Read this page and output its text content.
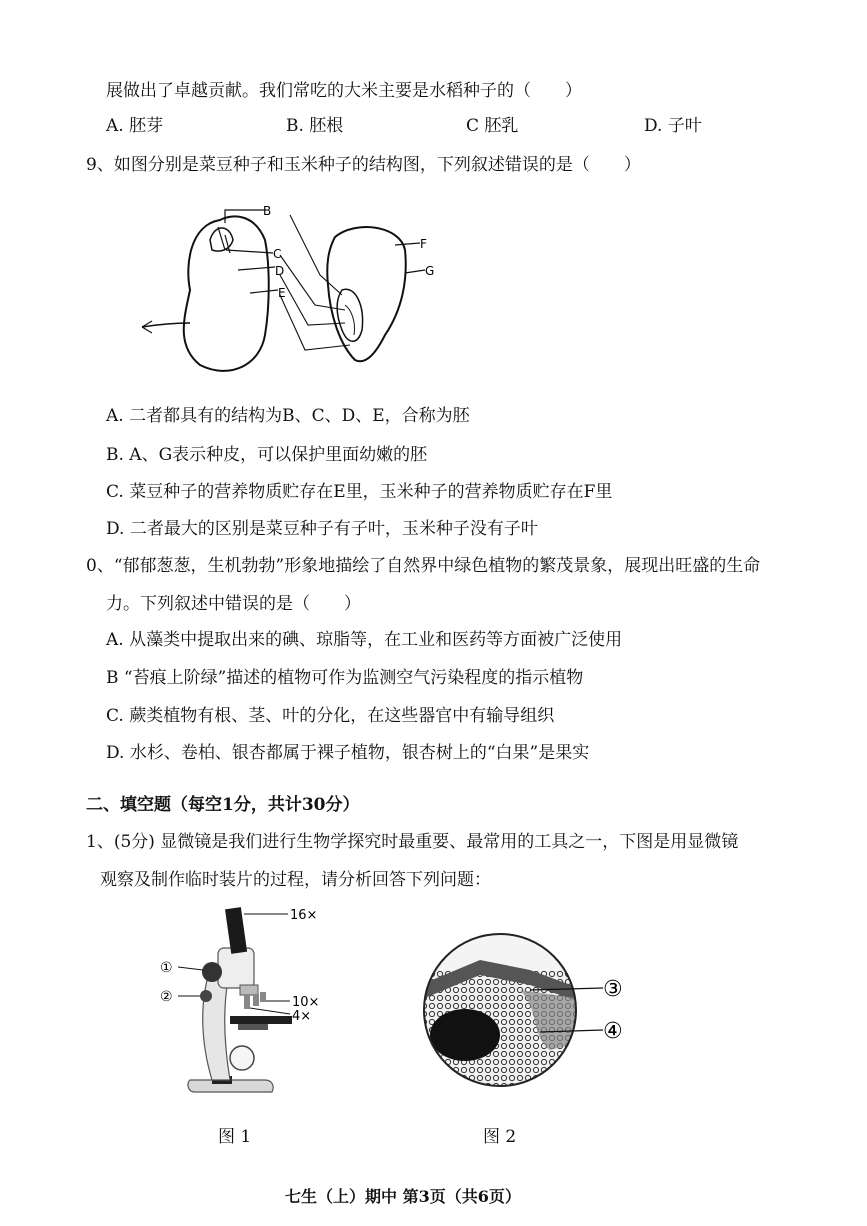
展做出了卓越贡献。我们常吃的大米主要是水稻种子的（　　）
A. 胚芽	B. 胚根	C 胚乳	D. 子叶
9、如图分别是菜豆种子和玉米种子的结构图，下列叙述错误的是（　　）
B
C
D
E
F
G
A. 二者都具有的结构为B、C、D、E，合称为胚
B. A、G表示种皮，可以保护里面幼嫩的胚
C. 菜豆种子的营养物质贮存在E里，玉米种子的营养物质贮存在F里
D. 二者最大的区别是菜豆种子有子叶，玉米种子没有子叶
0、“郁郁葱葱，生机勃勃”形象地描绘了自然界中绿色植物的繁茂景象，展现出旺盛的生命
力。下列叙述中错误的是（　　）
A. 从藻类中提取出来的碘、琼脂等，在工业和医药等方面被广泛使用
B “苔痕上阶绿”描述的植物可作为监测空气污染程度的指示植物
C. 蕨类植物有根、茎、叶的分化，在这些器官中有输导组织
D. 水杉、卷柏、银杏都属于裸子植物，银杏树上的“白果”是果实
二、填空题（每空1分，共计30分）
1、(5分) 显微镜是我们进行生物学探究时最重要、最常用的工具之一，下图是用显微镜
观察及制作临时装片的过程，请分析回答下列问题：
16×
①
②	10×
4×
图 1
③
④
图 2
七生（上）期中 第3页（共6页）
